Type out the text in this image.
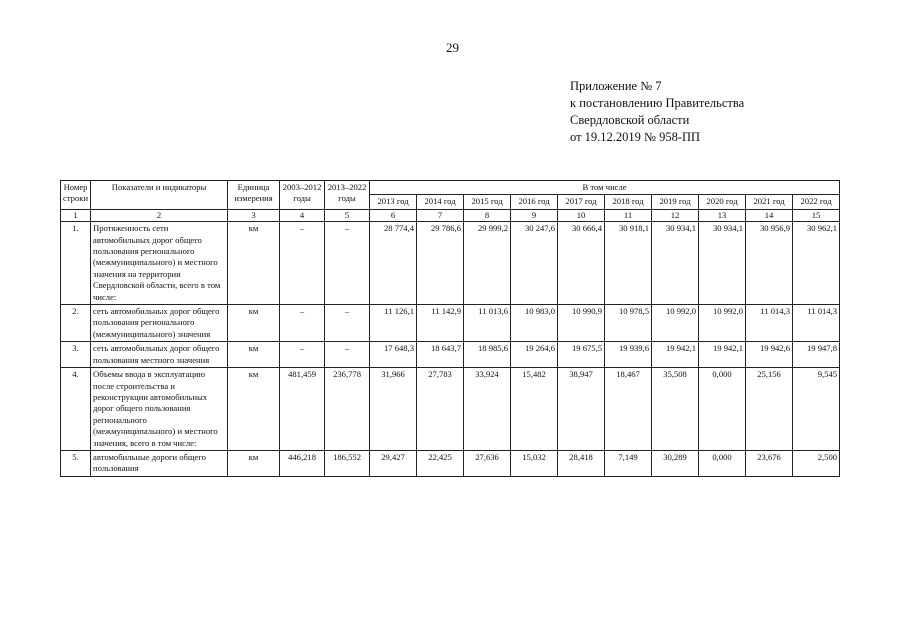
29
Приложение № 7
к постановлению Правительства
Свердловской области
от 19.12.2019 № 958-ПП
Номер строки	Показатели и индикаторы	Единица измерения	2003–2012 годы	2013–2022 годы	В том числе									
					2013 год	2014 год	2015 год	2016 год	2017 год	2018 год	2019 год	2020 год	2021 год	2022 год
1	2	3	4	5	6	7	8	9	10	11	12	13	14	15
1.	Протяженность сети автомобильных дорог общего пользования регионального (межмуниципального) и местного значения на территории Свердловской области, всего в том числе:	км	–	–	28 774,4	29 786,6	29 999,2	30 247,6	30 666,4	30 918,1	30 934,1	30 934,1	30 956,9	30 962,1
2.	сеть автомобильных дорог общего пользования регионального (межмуниципального) значения	км	–	–	11 126,1	11 142,9	11 013,6	10 983,0	10 990,9	10 978,5	10 992,0	10 992,0	11 014,3	11 014,3
3.	сеть автомобильных дорог общего пользования местного значения	км	–	–	17 648,3	18 643,7	18 985,6	19 264,6	19 675,5	19 939,6	19 942,1	19 942,1	19 942,6	19 947,8
4.	Объемы ввода в эксплуатацию после строительства и реконструкции автомобильных дорог общего пользования регионального (межмуниципального) и местного значения, всего в том числе:	км	481,459	236,778	31,966	27,783	33,924	15,482	38,947	18,467	35,508	0,000	25,156	9,545
5.	автомобильные дороги общего пользования	км	446,218	186,552	29,427	22,425	27,636	15,032	28,418	7,149	30,289	0,000	23,676	2,500
